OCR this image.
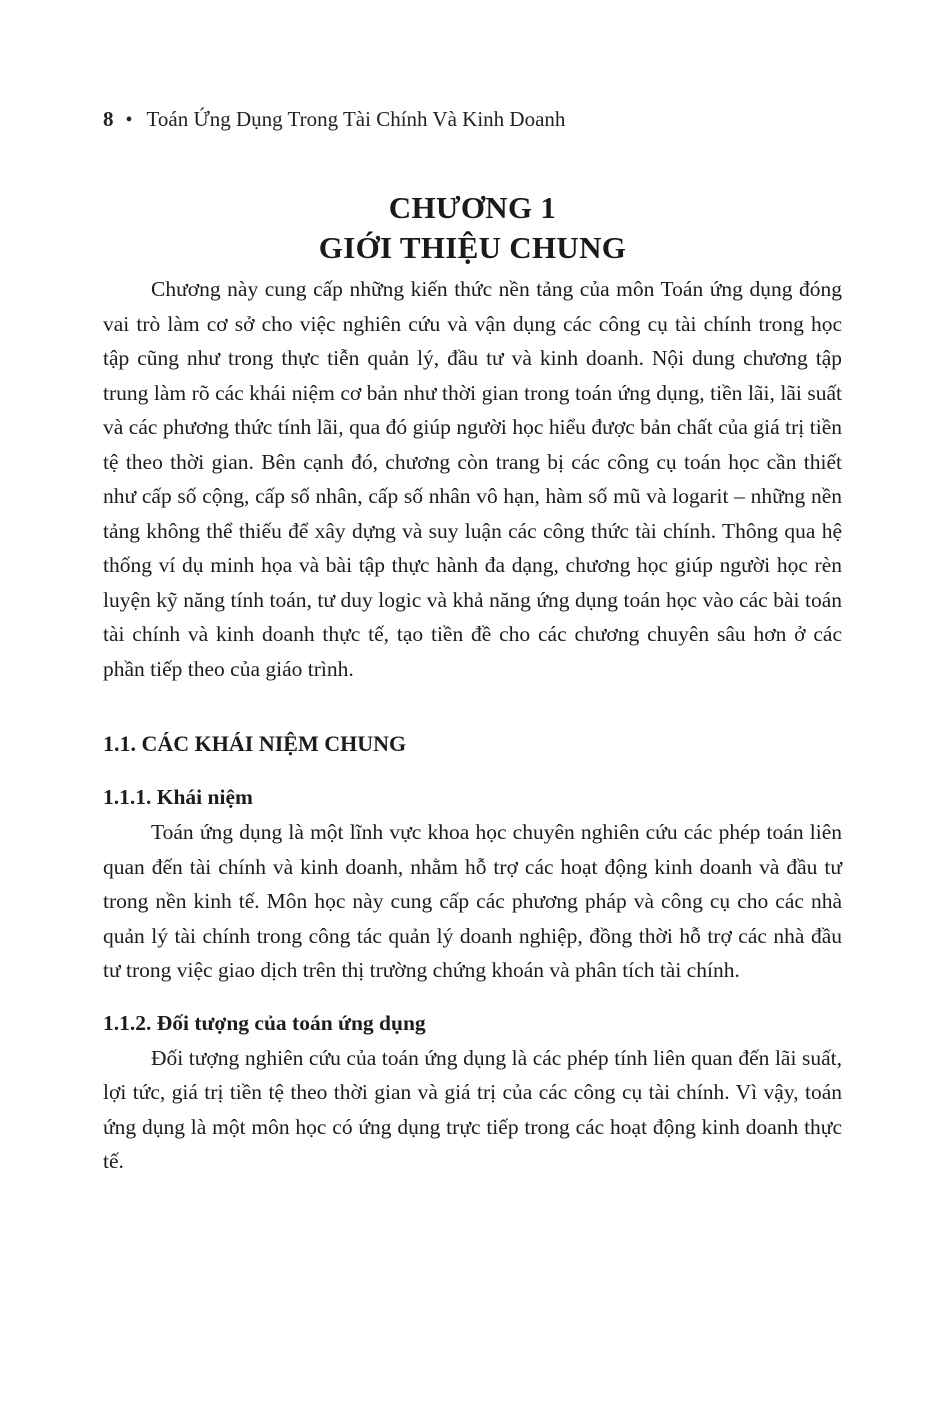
8 • Toán Ứng Dụng Trong Tài Chính Và Kinh Doanh
CHƯƠNG 1
GIỚI THIỆU CHUNG

Chương này cung cấp những kiến thức nền tảng của môn Toán ứng dụng đóng vai trò làm cơ sở cho việc nghiên cứu và vận dụng các công cụ tài chính trong học tập cũng như trong thực tiễn quản lý, đầu tư và kinh doanh. Nội dung chương tập trung làm rõ các khái niệm cơ bản như thời gian trong toán ứng dụng, tiền lãi, lãi suất và các phương thức tính lãi, qua đó giúp người học hiểu được bản chất của giá trị tiền tệ theo thời gian. Bên cạnh đó, chương còn trang bị các công cụ toán học cần thiết như cấp số cộng, cấp số nhân, cấp số nhân vô hạn, hàm số mũ và logarit – những nền tảng không thể thiếu để xây dựng và suy luận các công thức tài chính. Thông qua hệ thống ví dụ minh họa và bài tập thực hành đa dạng, chương học giúp người học rèn luyện kỹ năng tính toán, tư duy logic và khả năng ứng dụng toán học vào các bài toán tài chính và kinh doanh thực tế, tạo tiền đề cho các chương chuyên sâu hơn ở các phần tiếp theo của giáo trình.

1.1. CÁC KHÁI NIỆM CHUNG
1.1.1. Khái niệm

Toán ứng dụng là một lĩnh vực khoa học chuyên nghiên cứu các phép toán liên quan đến tài chính và kinh doanh, nhằm hỗ trợ các hoạt động kinh doanh và đầu tư trong nền kinh tế. Môn học này cung cấp các phương pháp và công cụ cho các nhà quản lý tài chính trong công tác quản lý doanh nghiệp, đồng thời hỗ trợ các nhà đầu tư trong việc giao dịch trên thị trường chứng khoán và phân tích tài chính.

1.1.2. Đối tượng của toán ứng dụng

Đối tượng nghiên cứu của toán ứng dụng là các phép tính liên quan đến lãi suất, lợi tức, giá trị tiền tệ theo thời gian và giá trị của các công cụ tài chính. Vì vậy, toán ứng dụng là một môn học có ứng dụng trực tiếp trong các hoạt động kinh doanh thực tế.
